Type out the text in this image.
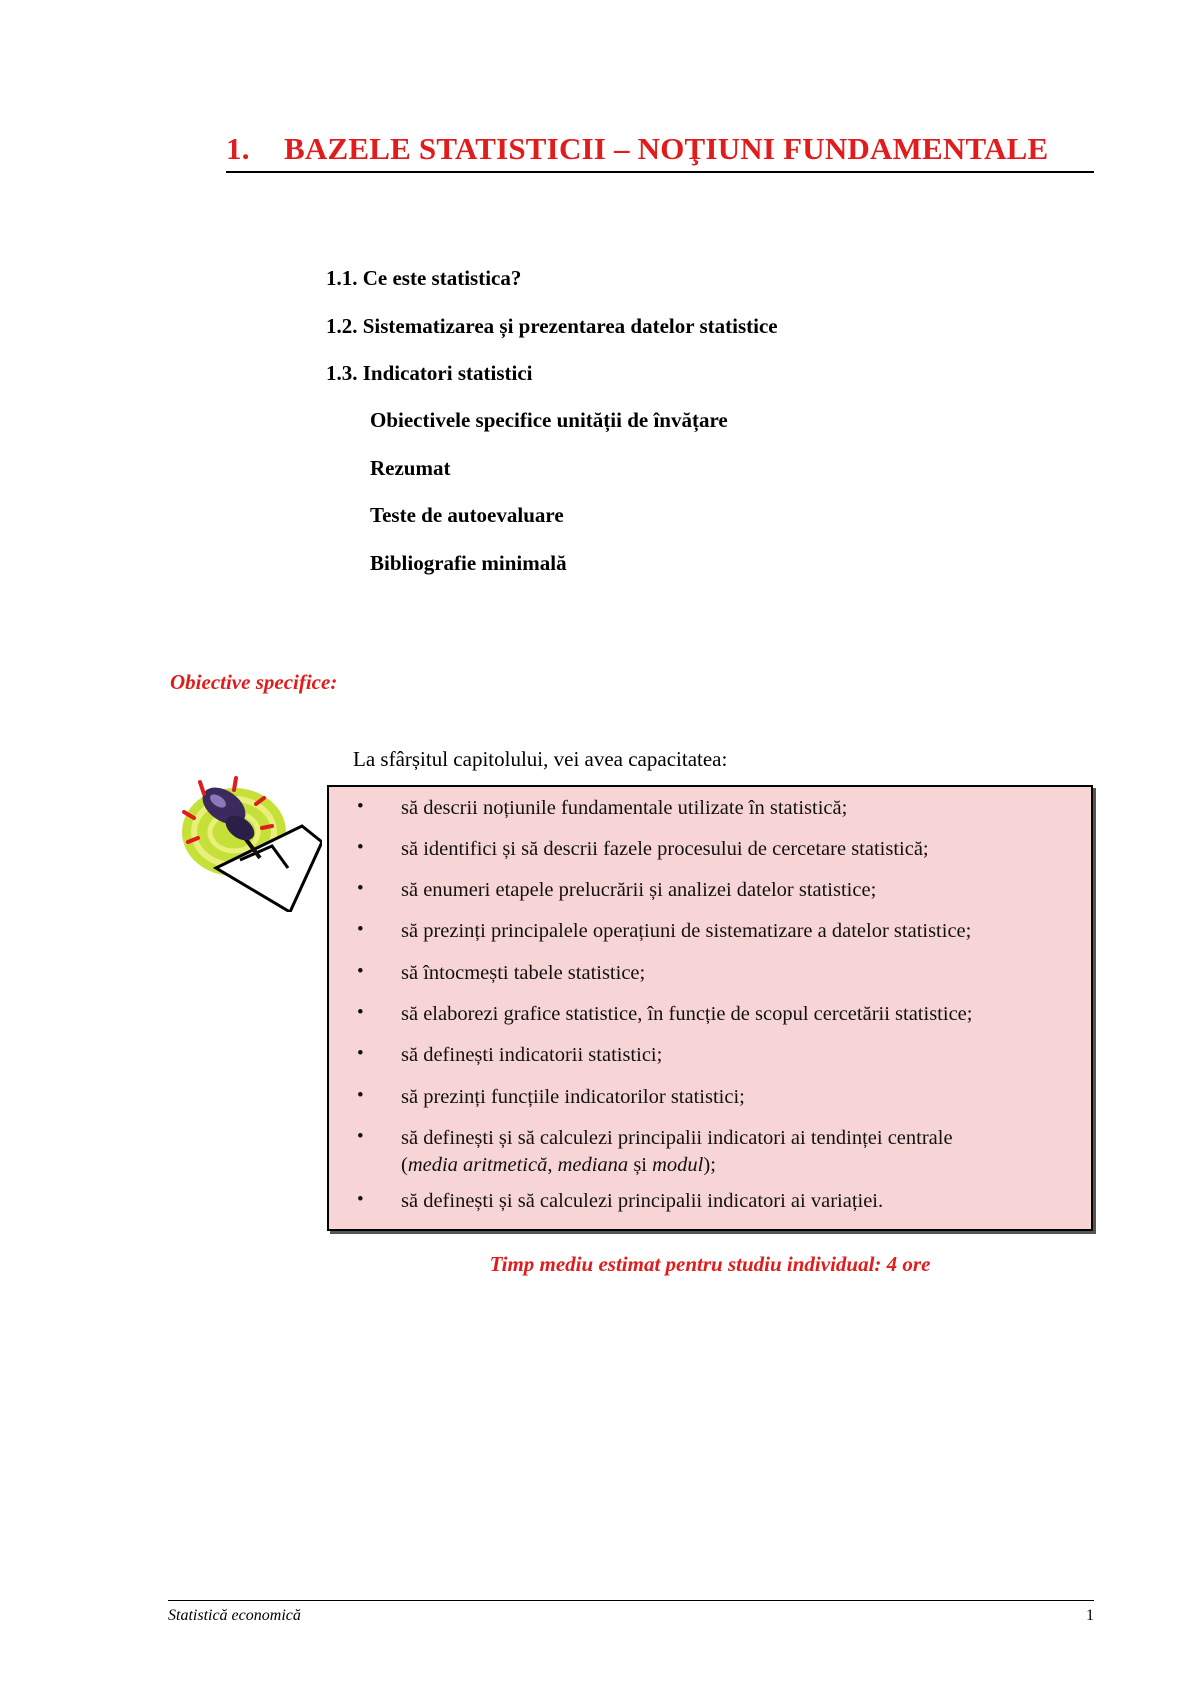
1. BAZELE STATISTICII – NOŢIUNI FUNDAMENTALE
1.1. Ce este statistica?
1.2. Sistematizarea și prezentarea datelor statistice
1.3. Indicatori statistici
Obiectivele specifice unității de învățare
Rezumat
Teste de autoevaluare
Bibliografie minimală
Obiective specifice:
La sfârșitul capitolului, vei avea capacitatea:
• să descrii noțiunile fundamentale utilizate în statistică;
• să identifici și să descrii fazele procesului de cercetare statistică;
• să enumeri etapele prelucrării și analizei datelor statistice;
• să prezinți principalele operațiuni de sistematizare a datelor statistice;
• să întocmești tabele statistice;
• să elaborezi grafice statistice, în funcție de scopul cercetării statistice;
• să definești indicatorii statistici;
• să prezinți funcțiile indicatorilor statistici;
• să definești și să calculezi principalii indicatori ai tendinței centrale
(media aritmetică, mediana și modul);
• să definești și să calculezi principalii indicatori ai variației.
Timp mediu estimat pentru studiu individual: 4 ore
Statistică economică	1
